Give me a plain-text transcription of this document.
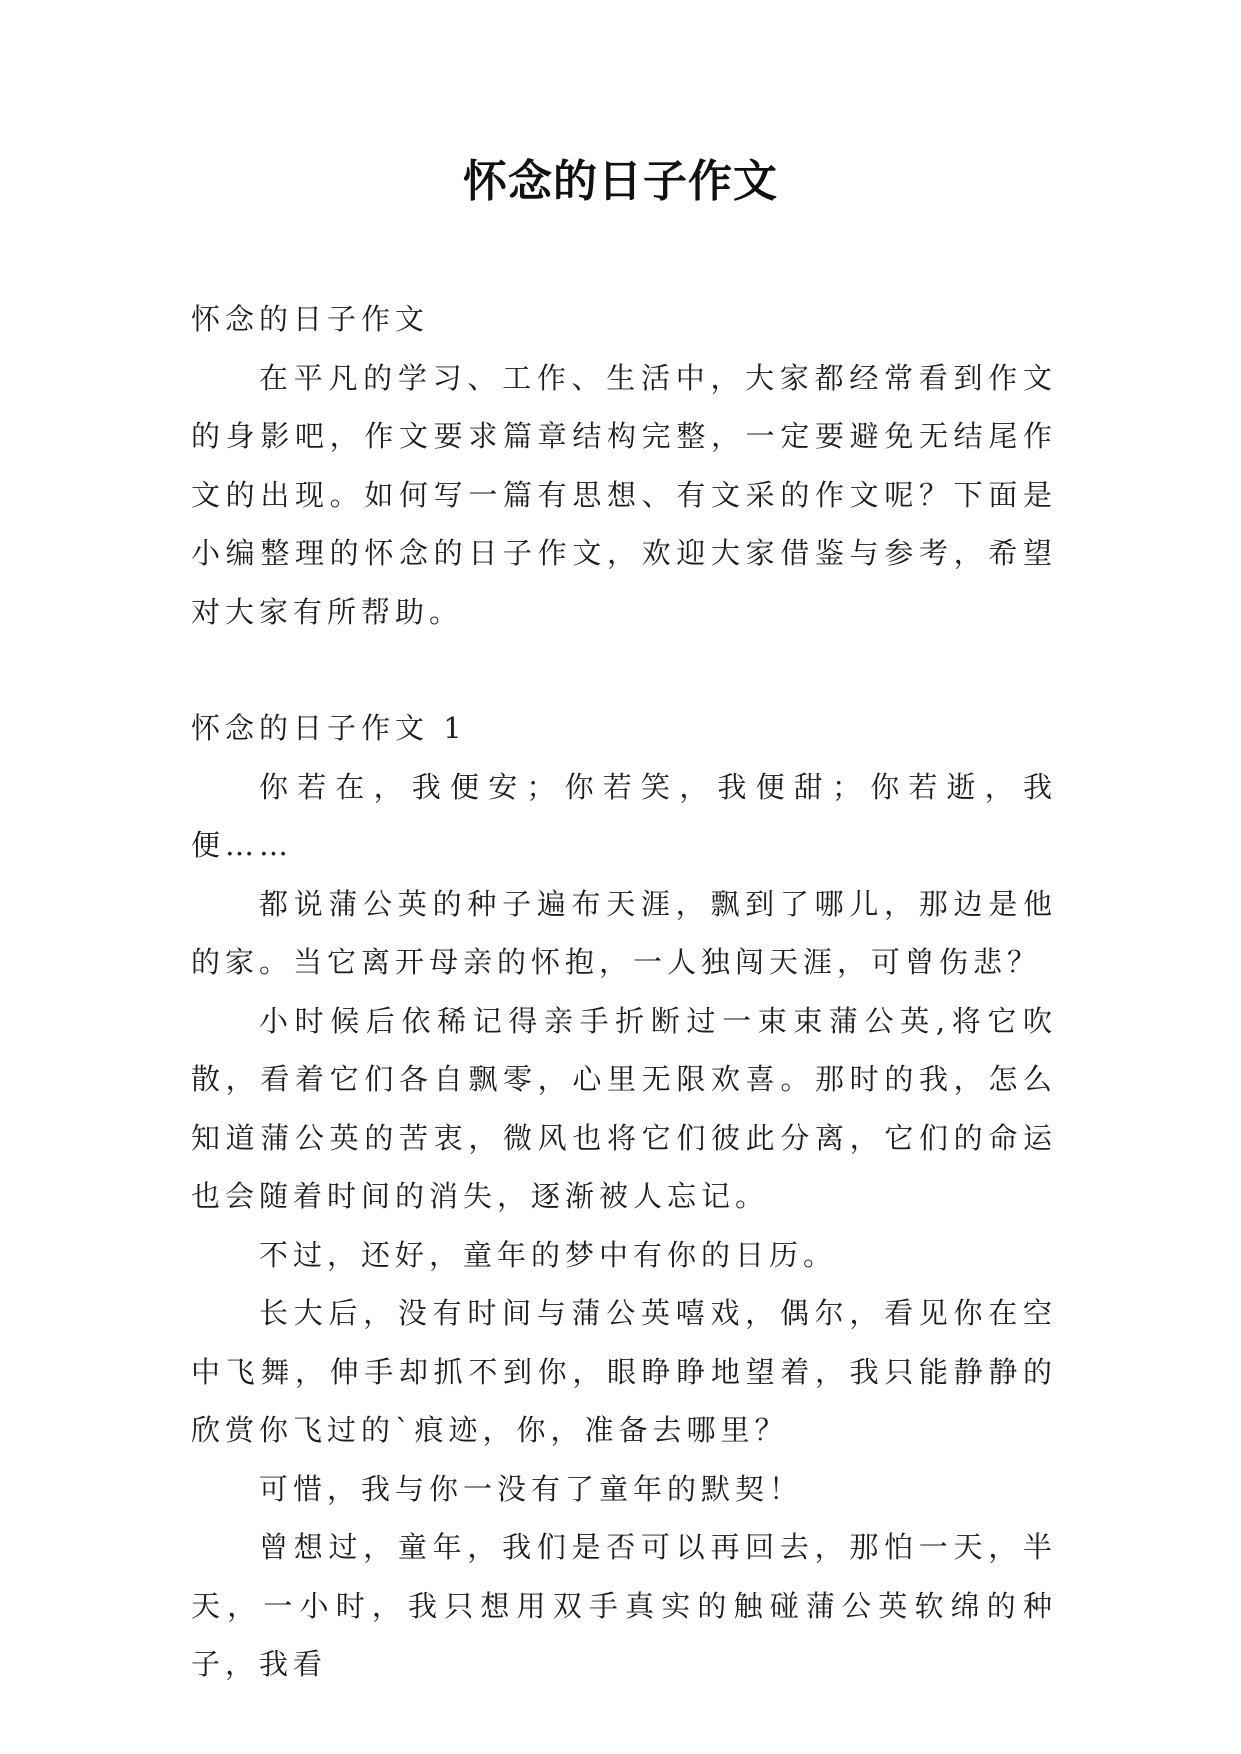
怀念的日子作文

怀念的日子作文

在平凡的学习、工作、生活中，大家都经常看到作文的身影吧，作文要求篇章结构完整，一定要避免无结尾作文的出现。如何写一篇有思想、有文采的作文呢？下面是小编整理的怀念的日子作文，欢迎大家借鉴与参考，希望对大家有所帮助。

怀念的日子作文 1

你若在，我便安；你若笑，我便甜；你若逝，我便……

都说蒲公英的种子遍布天涯，飘到了哪儿，那边是他的家。当它离开母亲的怀抱，一人独闯天涯，可曾伤悲？

小时候后依稀记得亲手折断过一束束蒲公英,将它吹散，看着它们各自飘零，心里无限欢喜。那时的我，怎么知道蒲公英的苦衷，微风也将它们彼此分离，它们的命运也会随着时间的消失，逐渐被人忘记。

不过，还好，童年的梦中有你的日历。

长大后，没有时间与蒲公英嘻戏，偶尔，看见你在空中飞舞，伸手却抓不到你，眼睁睁地望着，我只能静静的欣赏你飞过的`痕迹，你，准备去哪里？

可惜，我与你一没有了童年的默契！

曾想过，童年，我们是否可以再回去，那怕一天，半天，一小时，我只想用双手真实的触碰蒲公英软绵的种子，我看
